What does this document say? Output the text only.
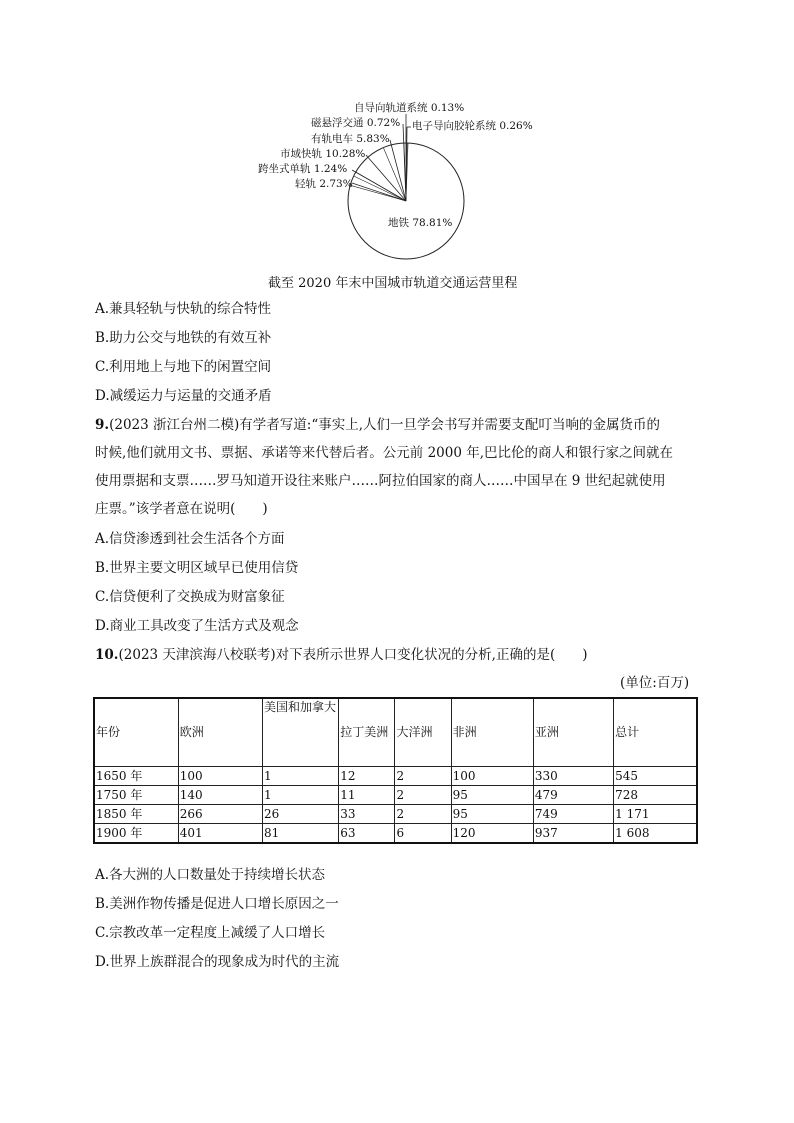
自导向轨道系统 0.13%
磁悬浮交通 0.72% 电子导向胶轮系统 0.26%
有轨电车 5.83%
市域快轨 10.28%
跨坐式单轨 1.24%
轻轨 2.73%
地铁 78.81%
截至 2020 年末中国城市轨道交通运营里程
A.兼具轻轨与快轨的综合特性
B.助力公交与地铁的有效互补
C.利用地上与地下的闲置空间
D.减缓运力与运量的交通矛盾
9.(2023 浙江台州二模)有学者写道:“事实上,人们一旦学会书写并需要支配叮当响的金属货币的
时候,他们就用文书、票据、承诺等来代替后者。公元前 2000 年,巴比伦的商人和银行家之间就在
使用票据和支票……罗马知道开设往来账户……阿拉伯国家的商人……中国早在 9 世纪起就使用
庄票。”该学者意在说明(　　)
A.信贷渗透到社会生活各个方面
B.世界主要文明区域早已使用信贷
C.信贷便利了交换成为财富象征
D.商业工具改变了生活方式及观念
10.(2023 天津滨海八校联考)对下表所示世界人口变化状况的分析,正确的是(　　)
(单位:百万)
年份	欧洲	美国和加拿大	拉丁美洲	大洋洲	非洲	亚洲	总计
1650 年	100	1	12	2	100	330	545
1750 年	140	1	11	2	95	479	728
1850 年	266	26	33	2	95	749	1 171
1900 年	401	81	63	6	120	937	1 608
A.各大洲的人口数量处于持续增长状态
B.美洲作物传播是促进人口增长原因之一
C.宗教改革一定程度上减缓了人口增长
D.世界上族群混合的现象成为时代的主流
